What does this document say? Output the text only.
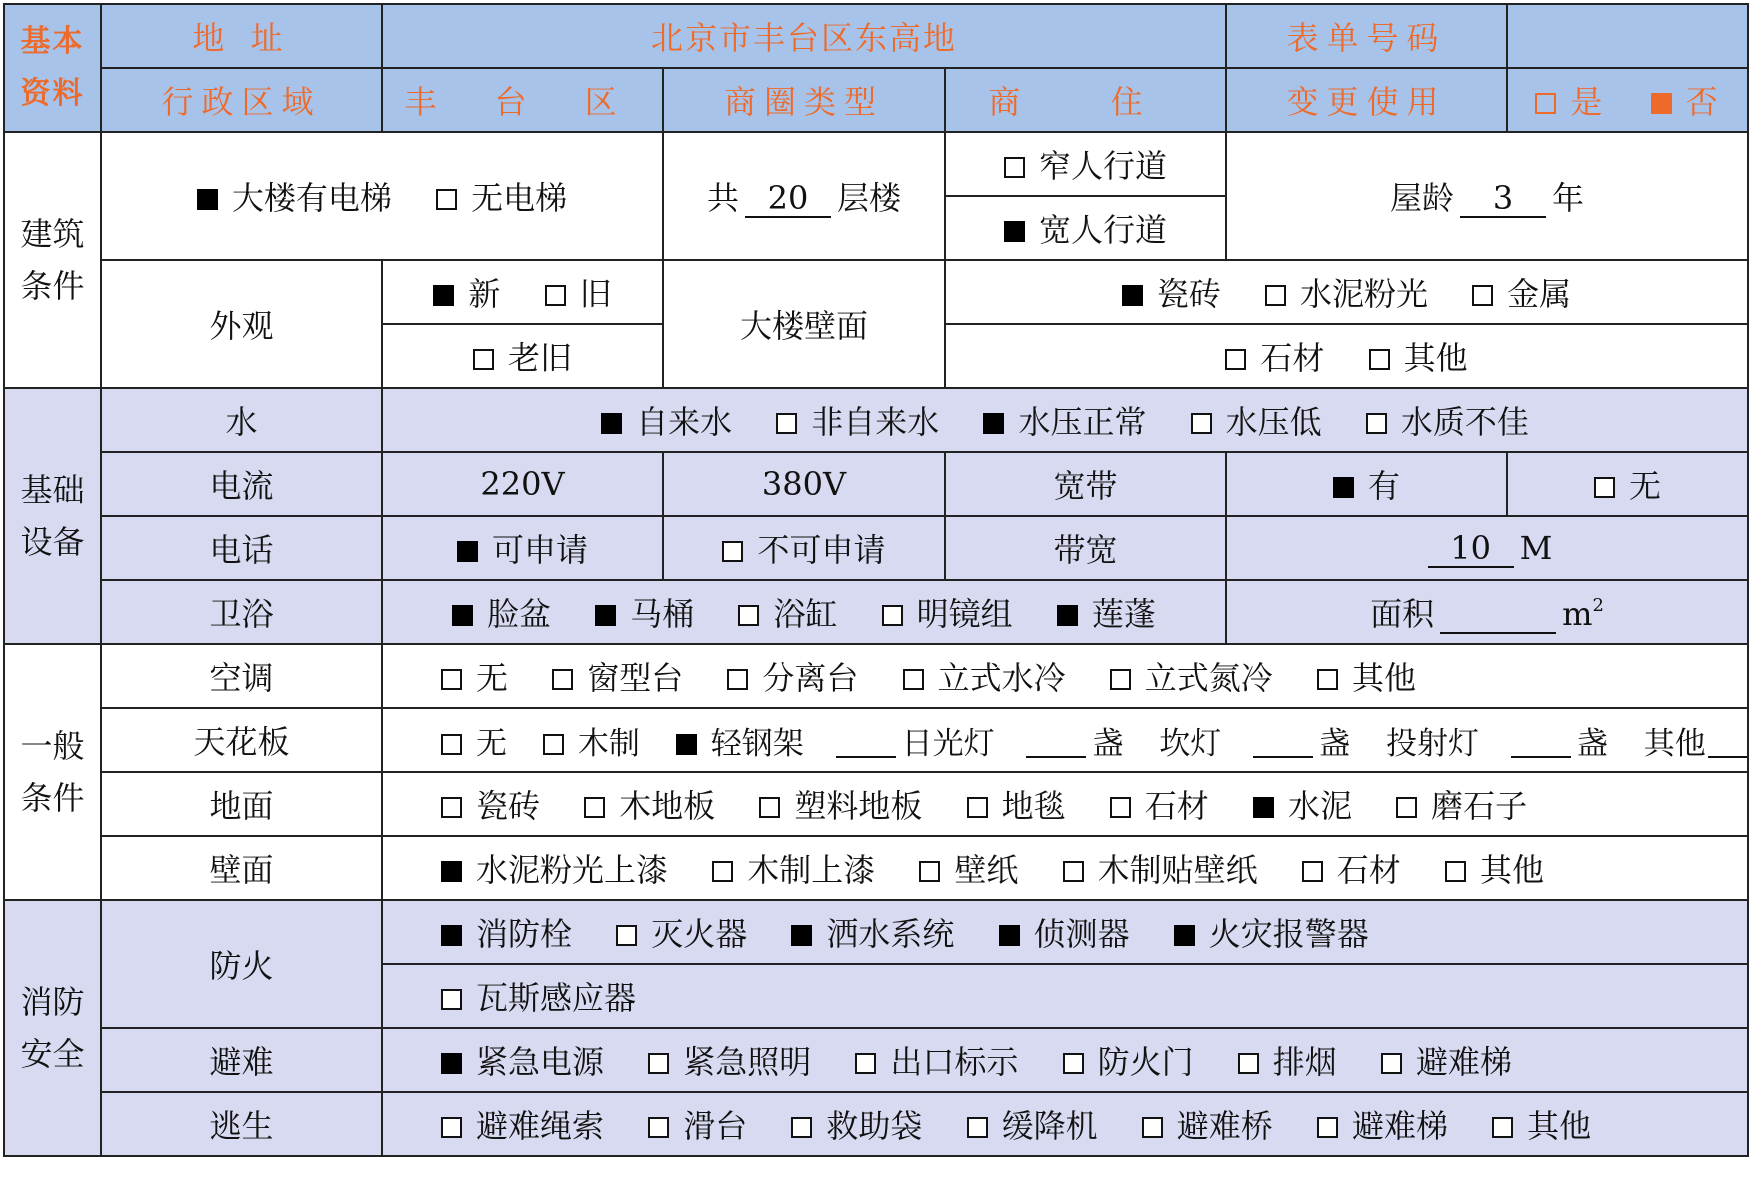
基本资料	地 址	北京市丰台区东高地			表单号码	
	行政区域	丰 台 区	商圈类型	商 住	变更使用	是 否
建筑条件	大楼有电梯 无电梯		共 20 层楼	窄人行道	屋龄 3 年	
				宽人行道		
	外观	新 旧	大楼壁面	瓷砖 水泥粉光 金属		
		老旧		石材 其他		
基础设备	水	自来水 非自来水 水压正常 水压低 水质不佳				
	电流	220V	380V	宽带	有	无
	电话	可申请	不可申请	带宽	10 M	
	卫浴	脸盆 马桶 浴缸 明镜组 莲蓬			面积 $m^2$
一般条件	空调	无 窗型台 分离台 立式水冷 立式氮冷 其他				
	天花板	无 木制 轻钢架 日光灯 盏 坎灯 盏 投射灯 盏 其他				
	地面	瓷砖 木地板 塑料地板 地毯 石材 水泥 磨石子				
	壁面	水泥粉光上漆 木制上漆 壁纸 木制贴壁纸 石材 其他				
消防安全	防火	消防栓 灭火器 洒水系统 侦测器 火灾报警器				
		瓦斯感应器				
	避难	紧急电源 紧急照明 出口标示 防火门 排烟 避难梯				
	逃生	避难绳索 滑台 救助袋 缓降机 避难桥 避难梯 其他				
